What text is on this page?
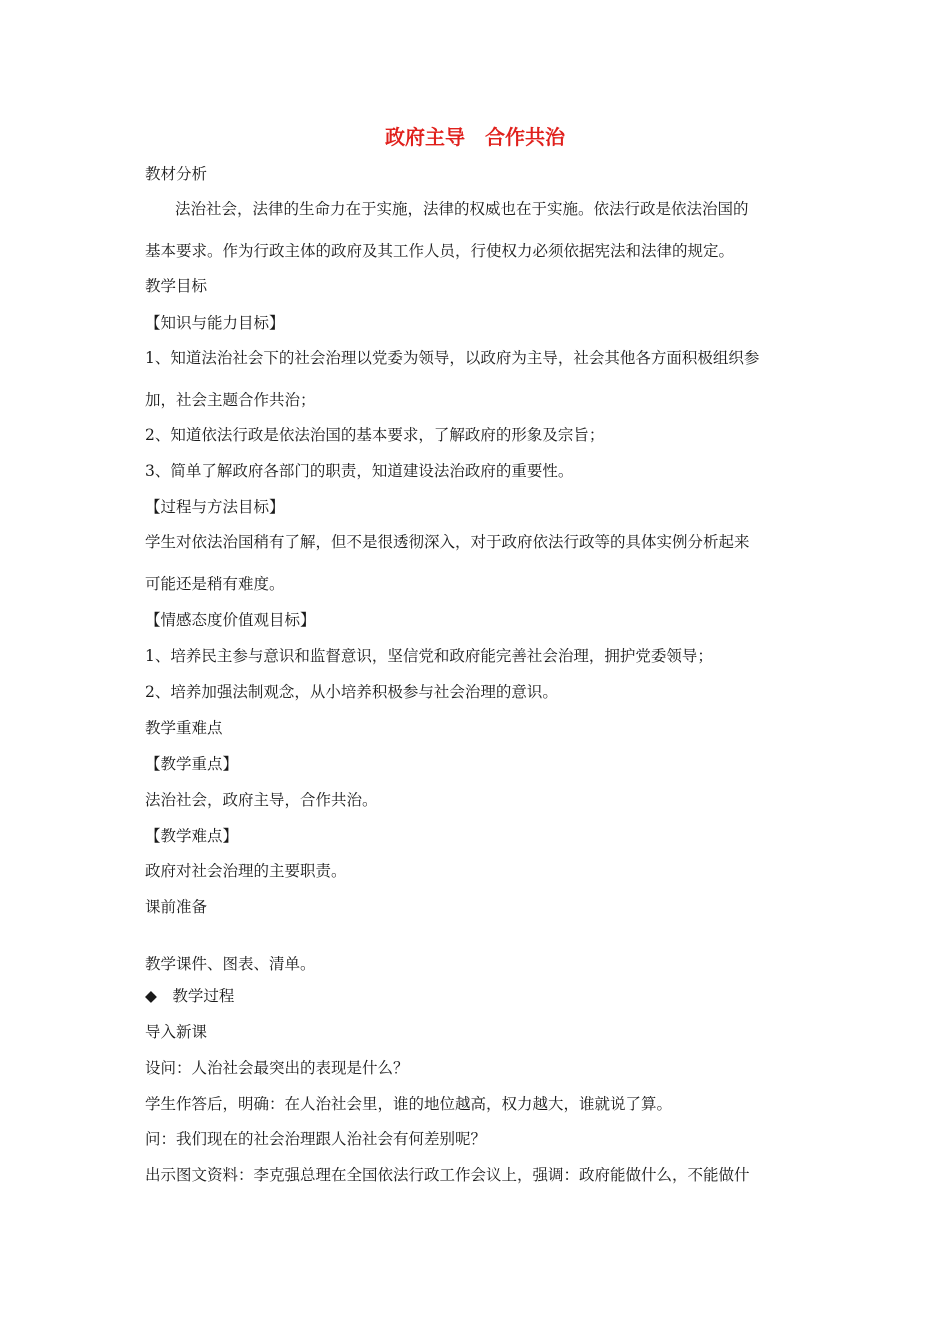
政府主导　合作共治
教材分析
法治社会，法律的生命力在于实施，法律的权威也在于实施。依法行政是依法治国的
基本要求。作为行政主体的政府及其工作人员，行使权力必须依据宪法和法律的规定。
教学目标
【知识与能力目标】
1、知道法治社会下的社会治理以党委为领导，以政府为主导，社会其他各方面积极组织参
加，社会主题合作共治；
2、知道依法行政是依法治国的基本要求，了解政府的形象及宗旨；
3、简单了解政府各部门的职责，知道建设法治政府的重要性。
【过程与方法目标】
学生对依法治国稍有了解，但不是很透彻深入，对于政府依法行政等的具体实例分析起来
可能还是稍有难度。
【情感态度价值观目标】
1、培养民主参与意识和监督意识，坚信党和政府能完善社会治理，拥护党委领导；
2、培养加强法制观念，从小培养积极参与社会治理的意识。
教学重难点
【教学重点】
法治社会，政府主导，合作共治。
【教学难点】
政府对社会治理的主要职责。
课前准备
教学课件、图表、清单。
◆　教学过程
导入新课
设问：人治社会最突出的表现是什么？
学生作答后，明确：在人治社会里，谁的地位越高，权力越大，谁就说了算。
问：我们现在的社会治理跟人治社会有何差别呢？
出示图文资料：李克强总理在全国依法行政工作会议上，强调：政府能做什么，不能做什
